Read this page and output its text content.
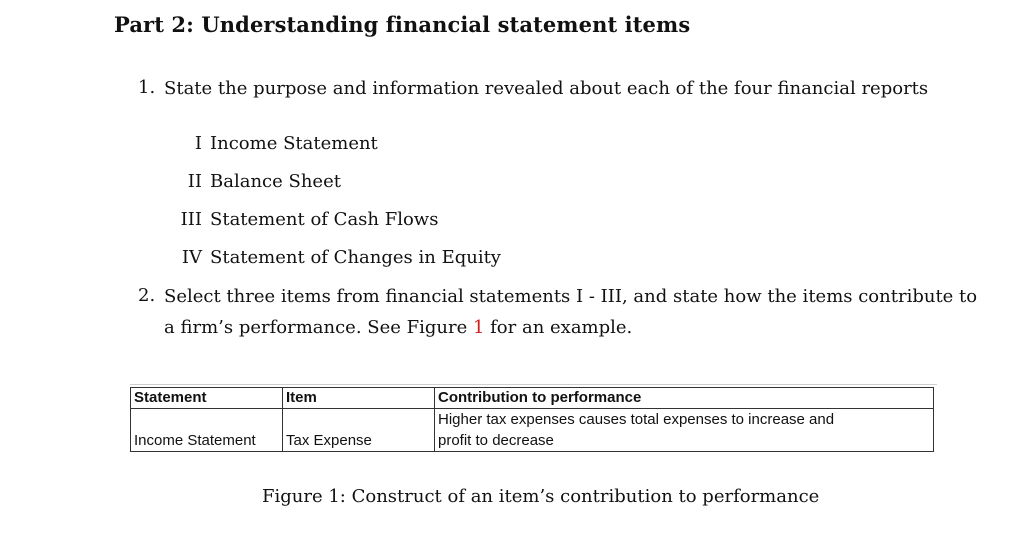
Part 2: Understanding financial statement items
1. State the purpose and information revealed about each of the four financial reports
I Income Statement
II Balance Sheet
III Statement of Cash Flows
IV Statement of Changes in Equity
2. Select three items from financial statements I - III, and state how the items contribute to
a firm’s performance. See Figure 1 for an example.
Statement	Item	Contribution to performance
Income Statement	Tax Expense	Higher tax expenses causes total expenses to increase and
profit to decrease
Figure 1: Construct of an item’s contribution to performance
